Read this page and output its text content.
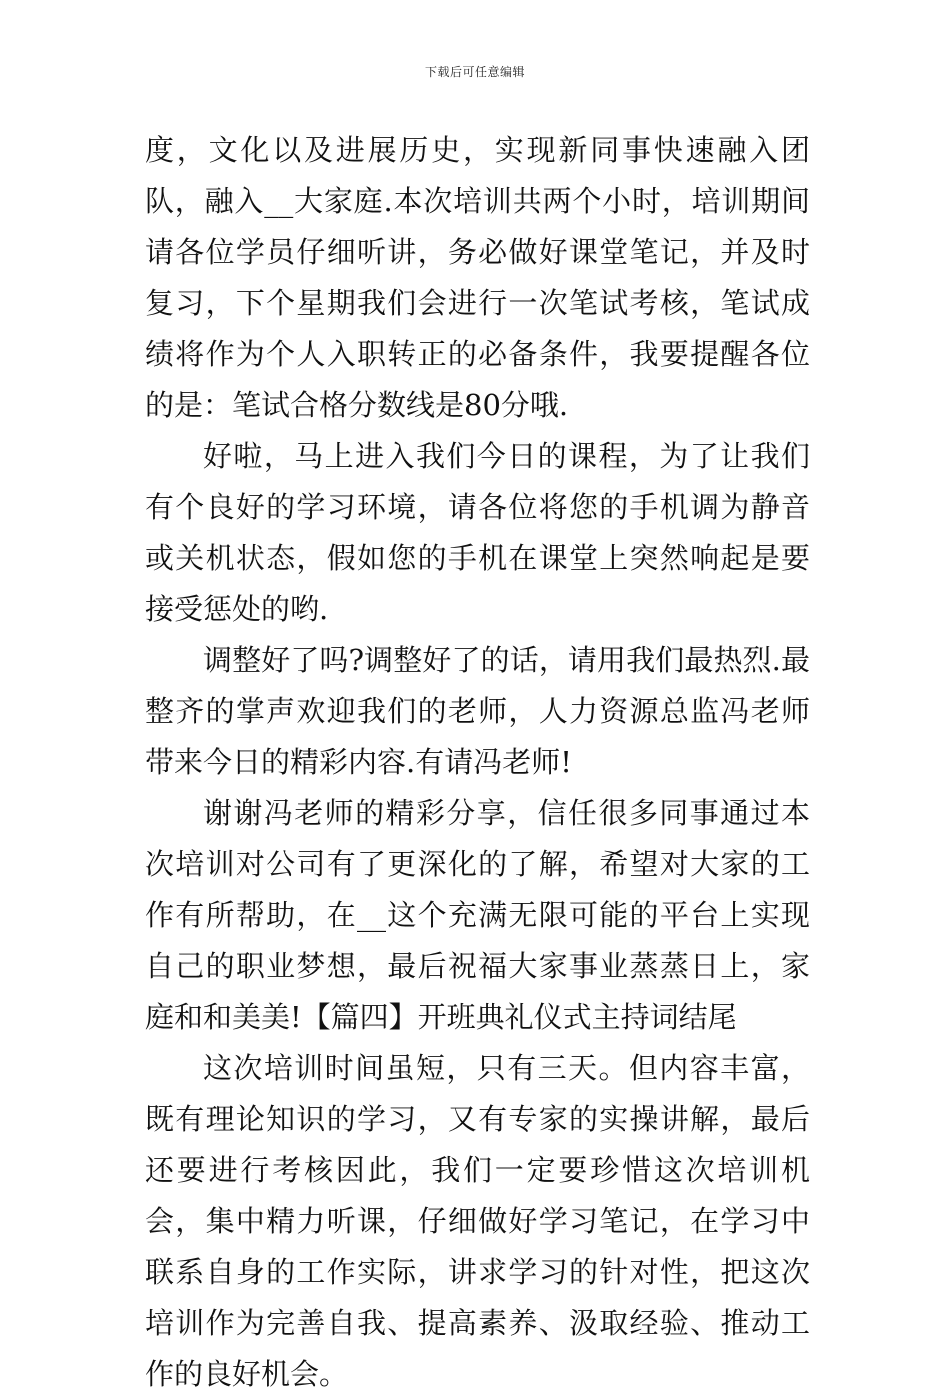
下载后可任意编辑

度，文化以及进展历史，实现新同事快速融入团队，融入__大家庭.本次培训共两个小时，培训期间请各位学员仔细听讲，务必做好课堂笔记，并及时复习，下个星期我们会进行一次笔试考核，笔试成绩将作为个人入职转正的必备条件，我要提醒各位的是：笔试合格分数线是80分哦.

好啦，马上进入我们今日的课程，为了让我们有个良好的学习环境，请各位将您的手机调为静音或关机状态，假如您的手机在课堂上突然响起是要接受惩处的哟.

调整好了吗?调整好了的话，请用我们最热烈.最整齐的掌声欢迎我们的老师，人力资源总监冯老师带来今日的精彩内容.有请冯老师!

谢谢冯老师的精彩分享，信任很多同事通过本次培训对公司有了更深化的了解，希望对大家的工作有所帮助，在__这个充满无限可能的平台上实现自己的职业梦想，最后祝福大家事业蒸蒸日上，家庭和和美美!【篇四】开班典礼仪式主持词结尾

这次培训时间虽短，只有三天。但内容丰富，既有理论知识的学习，又有专家的实操讲解，最后还要进行考核因此，我们一定要珍惜这次培训机会，集中精力听课，仔细做好学习笔记，在学习中联系自身的工作实际，讲求学习的针对性，把这次培训作为完善自我、提高素养、汲取经验、推动工作的良好机会。
